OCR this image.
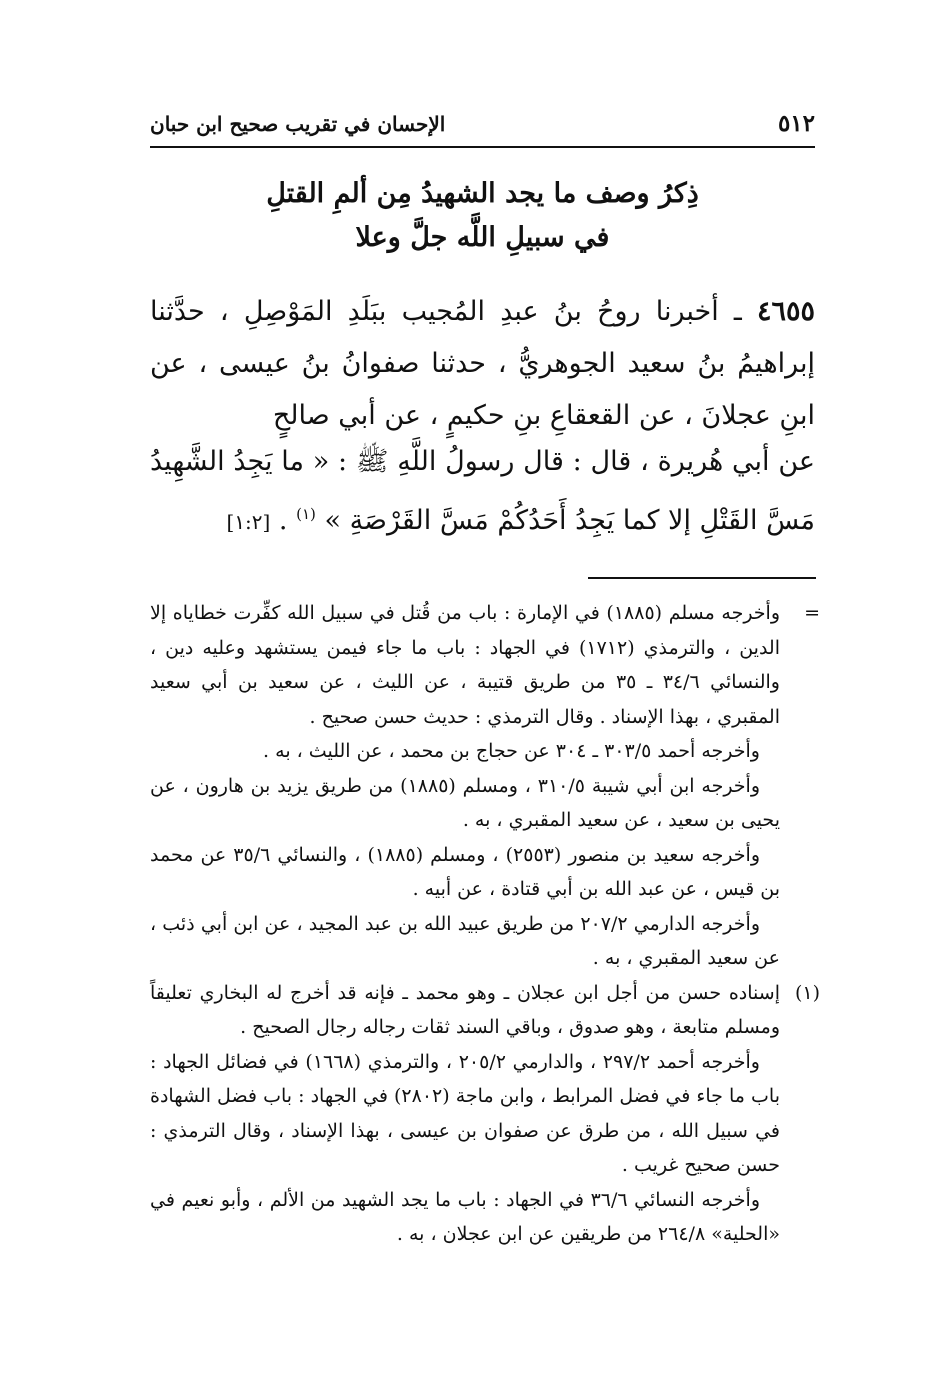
٥١٢
الإحسان في تقريب صحيح ابن حبان
ذِكرُ وصف ما يجد الشهيدُ مِن ألمِ القتلِ
في سبيلِ اللَّه جلَّ وعلا
٤٦٥٥ ـ أخبرنا روحُ بنُ عبدِ المُجيب ببَلَدِ المَوْصِلِ ، حدَّثنا إبراهيمُ بنُ سعيد الجوهريُّ ، حدثنا صفوانُ بنُ عيسى ، عن ابنِ عجلانَ ، عن القعقاعِ بنِ حكيمٍ ، عن أبي صالحٍ
عن أبي هُريرة ، قال : قال رسولُ اللَّهِ ﷺ : « ما يَجِدُ الشَّهِيدُ مَسَّ القَتْلِ إلا كما يَجِدُ أَحَدُكُمْ مَسَّ القَرْصَةِ » $^{(١)}$ . [١:٢]

=
وأخرجه مسلم (١٨٨٥) في الإمارة : باب من قُتل في سبيل الله كفِّرت خطاياه إلا الدين ، والترمذي (١٧١٢) في الجهاد : باب ما جاء فيمن يستشهد وعليه دين ، والنسائي ٣٤/٦ ـ ٣٥ من طريق قتيبة ، عن الليث ، عن سعيد بن أبي سعيد المقبري ، بهذا الإسناد . وقال الترمذي : حديث حسن صحيح .

وأخرجه أحمد ٣٠٣/٥ ـ ٣٠٤ عن حجاج بن محمد ، عن الليث ، به .

وأخرجه ابن أبي شيبة ٣١٠/٥ ، ومسلم (١٨٨٥) من طريق يزيد بن هارون ، عن يحيى بن سعيد ، عن سعيد المقبري ، به .

وأخرجه سعيد بن منصور (٢٥٥٣) ، ومسلم (١٨٨٥) ، والنسائي ٣٥/٦ عن محمد بن قيس ، عن عبد الله بن أبي قتادة ، عن أبيه .

وأخرجه الدارمي ٢٠٧/٢ من طريق عبيد الله بن عبد المجيد ، عن ابن أبي ذئب ، عن سعيد المقبري ، به .

(١)
إسناده حسن من أجل ابن عجلان ـ وهو محمد ـ فإنه قد أخرج له البخاري تعليقاً ومسلم متابعة ، وهو صدوق ، وباقي السند ثقات رجاله رجال الصحيح .

وأخرجه أحمد ٢٩٧/٢ ، والدارمي ٢٠٥/٢ ، والترمذي (١٦٦٨) في فضائل الجهاد : باب ما جاء في فضل المرابط ، وابن ماجة (٢٨٠٢) في الجهاد : باب فضل الشهادة في سبيل الله ، من طرق عن صفوان بن عيسى ، بهذا الإسناد ، وقال الترمذي : حسن صحيح غريب .

وأخرجه النسائي ٣٦/٦ في الجهاد : باب ما يجد الشهيد من الألم ، وأبو نعيم في «الحلية» ٢٦٤/٨ من طريقين عن ابن عجلان ، به .
